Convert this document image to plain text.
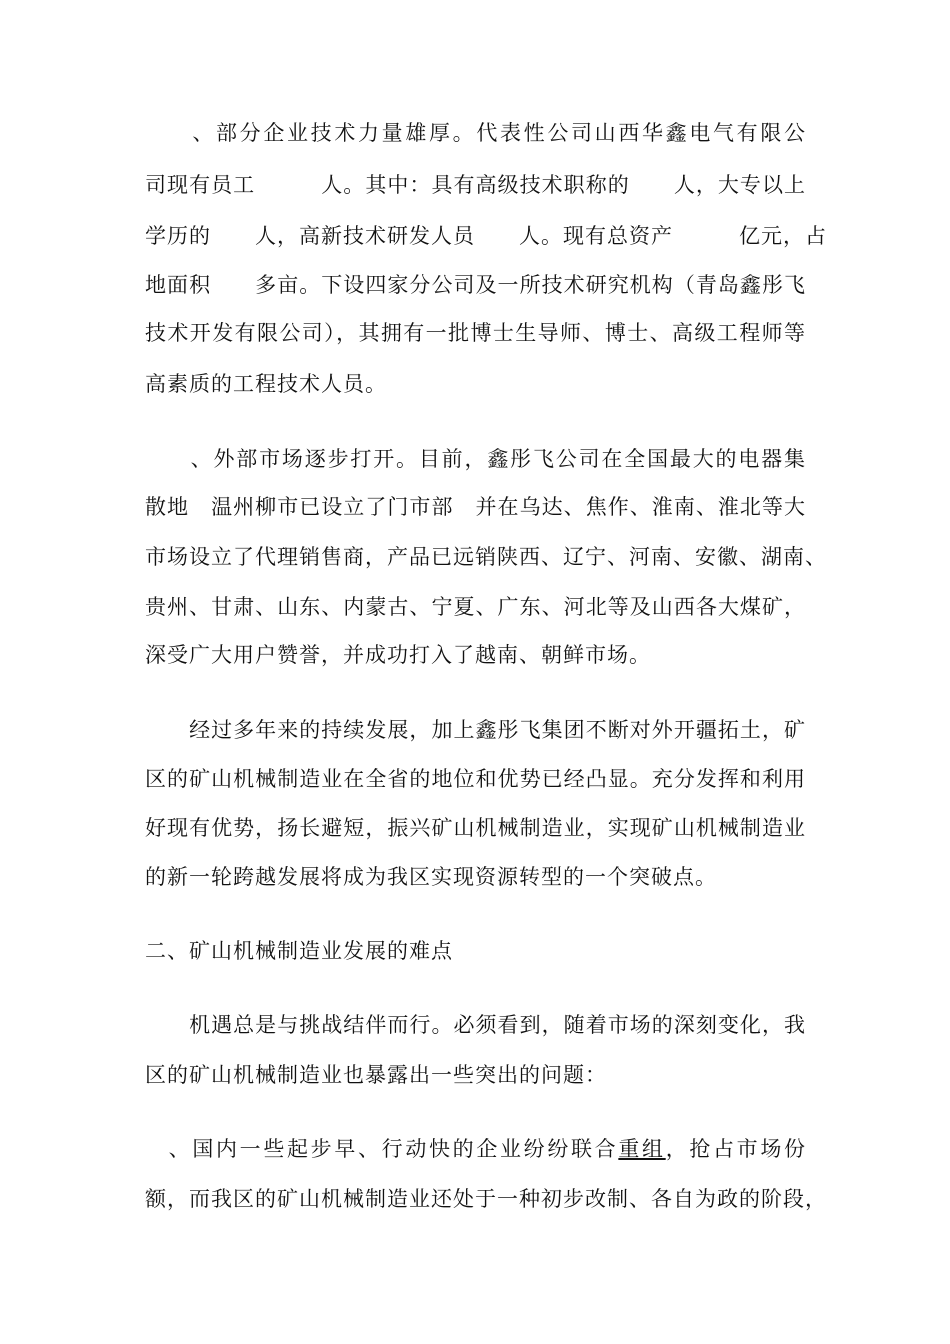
　　、部分企业技术力量雄厚。代表性公司山西华鑫电气有限公
司现有员工　　　人。其中：具有高级技术职称的　　人，大专以上
学历的　　人，高新技术研发人员　　人。现有总资产　　　亿元，占
地面积　　多亩。下设四家分公司及一所技术研究机构（青岛鑫彤飞
技术开发有限公司），其拥有一批博士生导师、博士、高级工程师等
高素质的工程技术人员。
　　、外部市场逐步打开。目前，鑫彤飞公司在全国最大的电器集
散地　温州柳市已设立了门市部　并在乌达、焦作、淮南、淮北等大
市场设立了代理销售商，产品已远销陕西、辽宁、河南、安徽、湖南、
贵州、甘肃、山东、内蒙古、宁夏、广东、河北等及山西各大煤矿，
深受广大用户赞誉，并成功打入了越南、朝鲜市场。
　　经过多年来的持续发展，加上鑫彤飞集团不断对外开疆拓土，矿
区的矿山机械制造业在全省的地位和优势已经凸显。充分发挥和利用
好现有优势，扬长避短，振兴矿山机械制造业，实现矿山机械制造业
的新一轮跨越发展将成为我区实现资源转型的一个突破点。
二、矿山机械制造业发展的难点
　　机遇总是与挑战结伴而行。必须看到，随着市场的深刻变化，我
区的矿山机械制造业也暴露出一些突出的问题：
　、国内一些起步早、行动快的企业纷纷联合重组，抢占市场份
额，而我区的矿山机械制造业还处于一种初步改制、各自为政的阶段，
